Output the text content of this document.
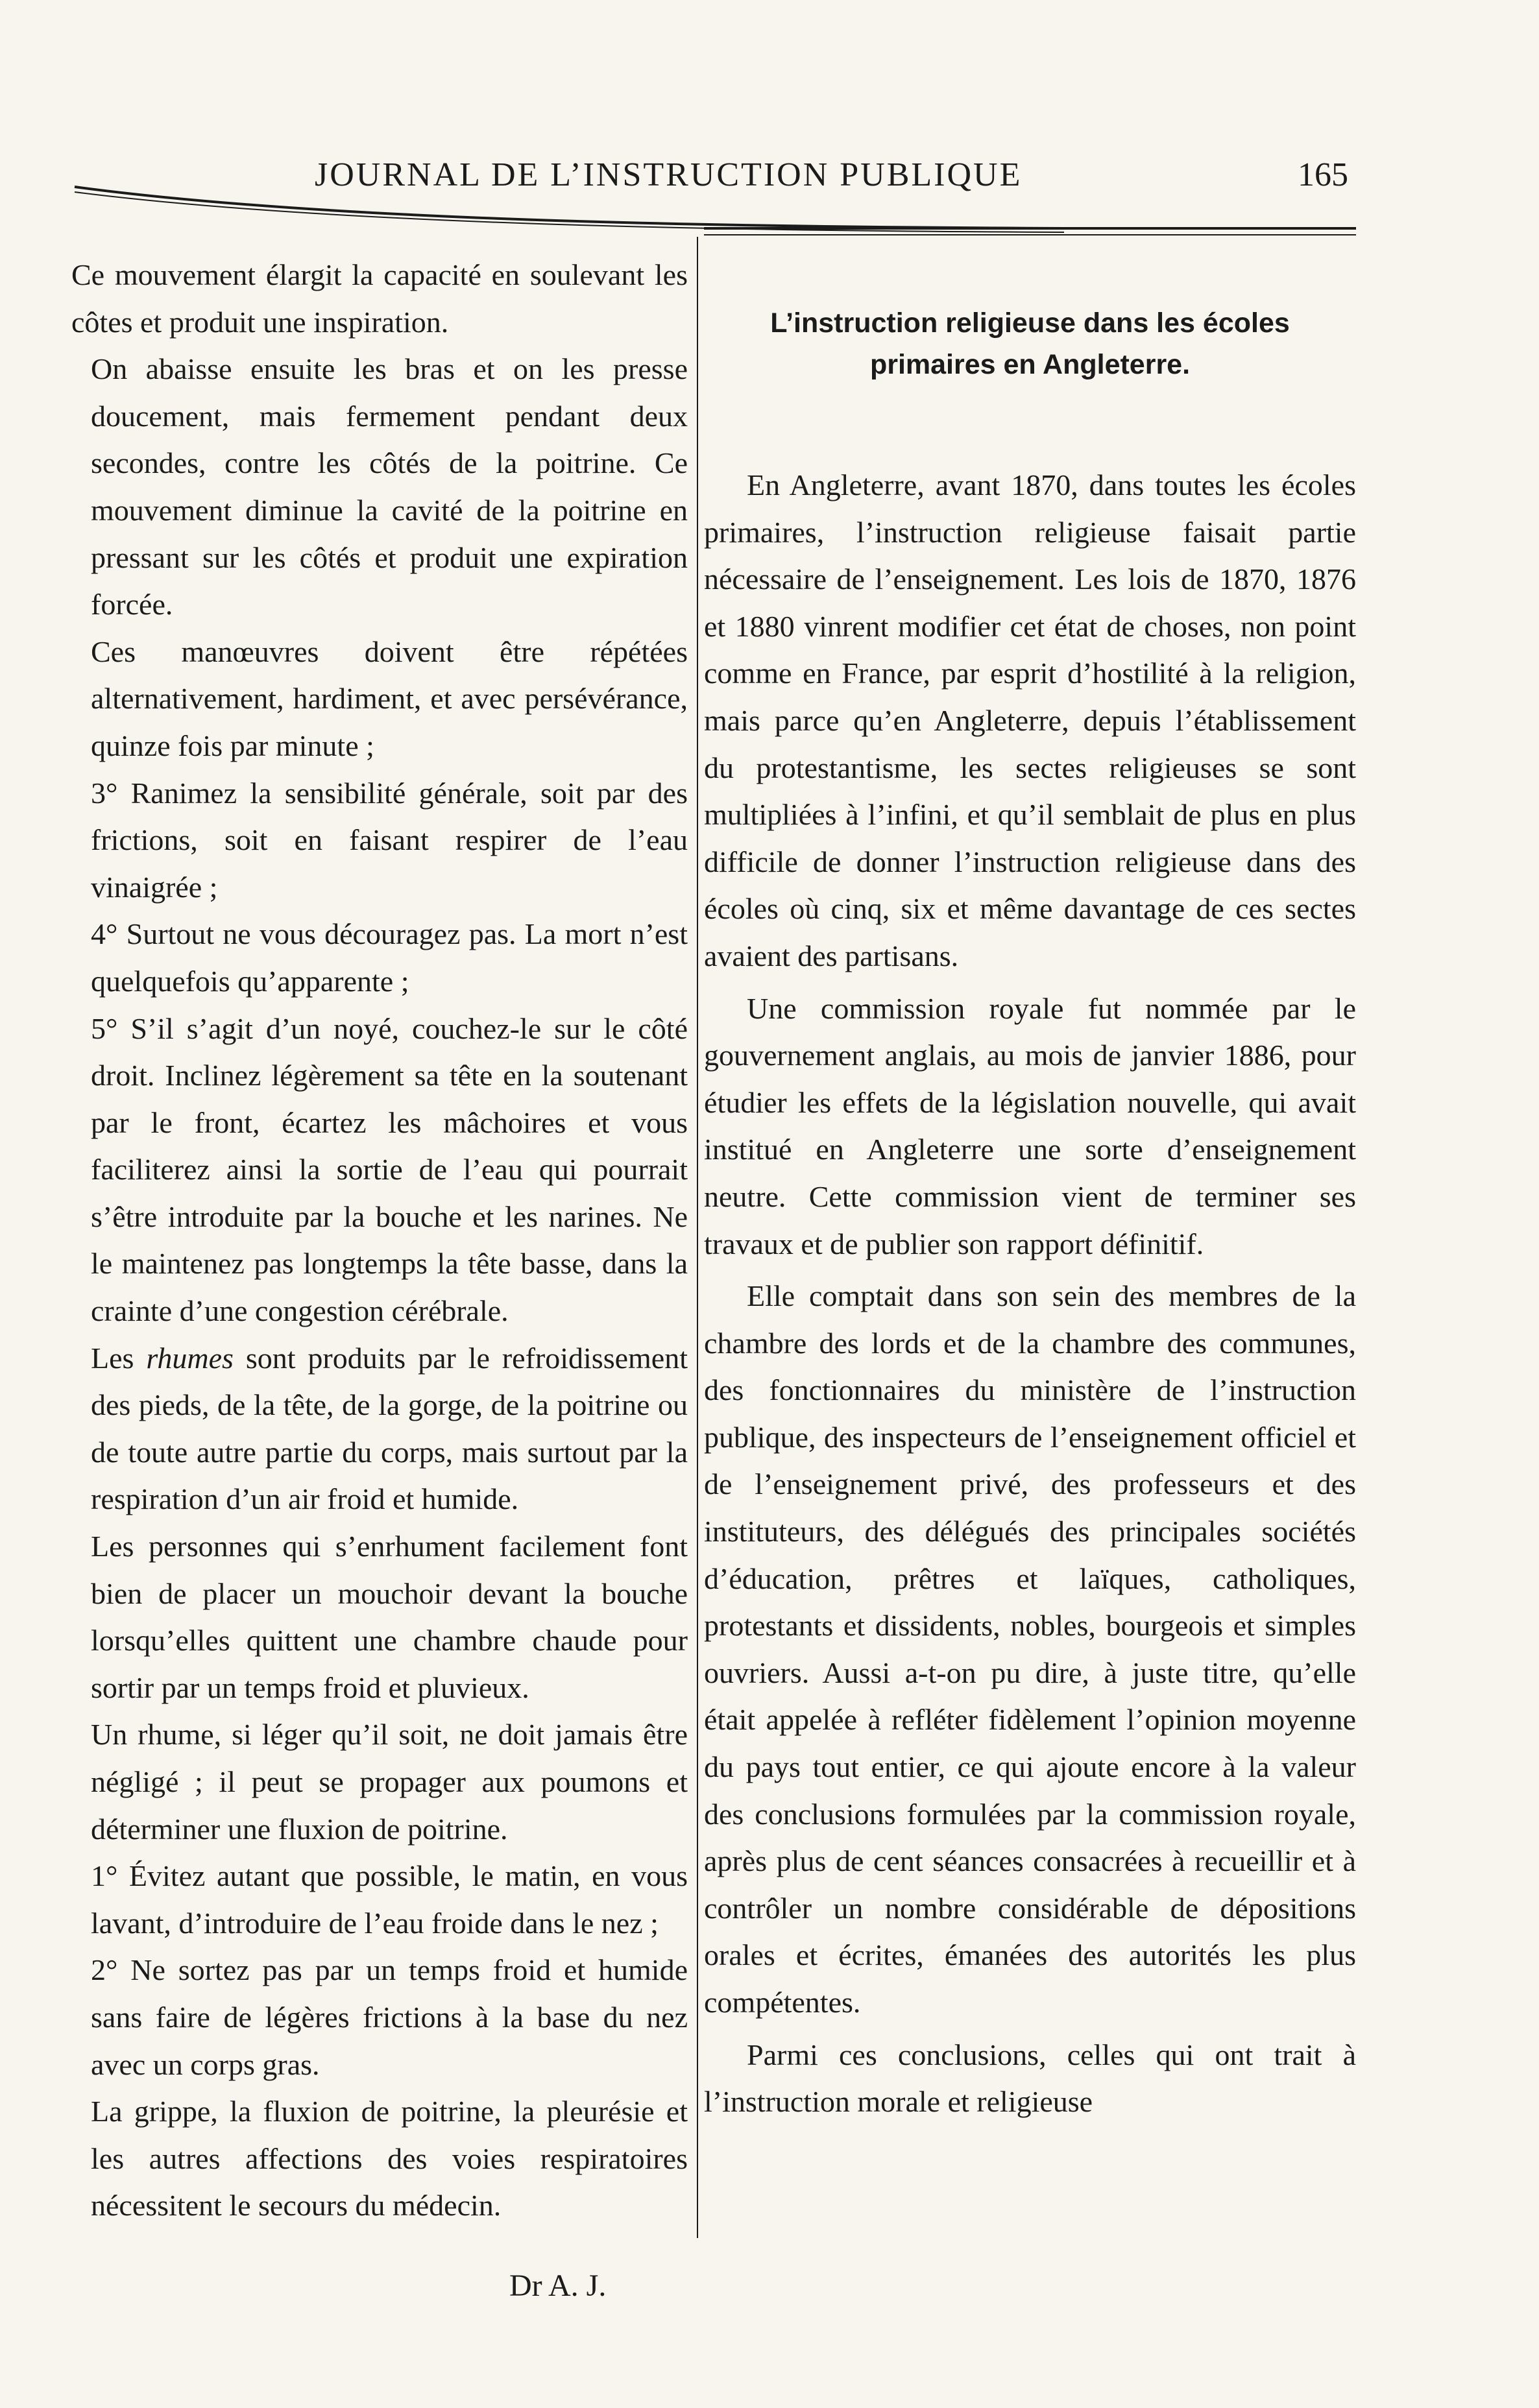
JOURNAL DE L’INSTRUCTION PUBLIQUE	165

Ce mouvement élargit la capacité en soulevant les côtes et produit une inspiration.

On abaisse ensuite les bras et on les presse doucement, mais fermement pendant deux secondes, contre les côtés de la poitrine. Ce mouvement diminue la cavité de la poitrine en pressant sur les côtés et produit une expiration forcée.

Ces manœuvres doivent être répétées alternativement, hardiment, et avec persévérance, quinze fois par minute ;

3° Ranimez la sensibilité générale, soit par des frictions, soit en faisant respirer de l’eau vinaigrée ;

4° Surtout ne vous découragez pas. La mort n’est quelquefois qu’apparente ;

5° S’il s’agit d’un noyé, couchez-le sur le côté droit. Inclinez légèrement sa tête en la soutenant par le front, écartez les mâchoires et vous faciliterez ainsi la sortie de l’eau qui pourrait s’être introduite par la bouche et les narines. Ne le maintenez pas longtemps la tête basse, dans la crainte d’une congestion cérébrale.

Les rhumes sont produits par le refroidissement des pieds, de la tête, de la gorge, de la poitrine ou de toute autre partie du corps, mais surtout par la respiration d’un air froid et humide.

Les personnes qui s’enrhument facilement font bien de placer un mouchoir devant la bouche lorsqu’elles quittent une chambre chaude pour sortir par un temps froid et pluvieux.

Un rhume, si léger qu’il soit, ne doit jamais être négligé ; il peut se propager aux poumons et déterminer une fluxion de poitrine.

1° Évitez autant que possible, le matin, en vous lavant, d’introduire de l’eau froide dans le nez ;

2° Ne sortez pas par un temps froid et humide sans faire de légères frictions à la base du nez avec un corps gras.

La grippe, la fluxion de poitrine, la pleurésie et les autres affections des voies respiratoires nécessitent le secours du médecin.

Dr A. J.
L’instruction religieuse dans les écoles primaires en Angleterre.

En Angleterre, avant 1870, dans toutes les écoles primaires, l’instruction religieuse faisait partie nécessaire de l’enseignement. Les lois de 1870, 1876 et 1880 vinrent modifier cet état de choses, non point comme en France, par esprit d’hostilité à la religion, mais parce qu’en Angleterre, depuis l’établissement du protestantisme, les sectes religieuses se sont multipliées à l’infini, et qu’il semblait de plus en plus difficile de donner l’instruction religieuse dans des écoles où cinq, six et même davantage de ces sectes avaient des partisans.

Une commission royale fut nommée par le gouvernement anglais, au mois de janvier 1886, pour étudier les effets de la législation nouvelle, qui avait institué en Angleterre une sorte d’enseignement neutre. Cette commission vient de terminer ses travaux et de publier son rapport définitif.

Elle comptait dans son sein des membres de la chambre des lords et de la chambre des communes, des fonctionnaires du ministère de l’instruction publique, des inspecteurs de l’enseignement officiel et de l’enseignement privé, des professeurs et des instituteurs, des délégués des principales sociétés d’éducation, prêtres et laïques, catholiques, protestants et dissidents, nobles, bourgeois et simples ouvriers. Aussi a-t-on pu dire, à juste titre, qu’elle était appelée à refléter fidèlement l’opinion moyenne du pays tout entier, ce qui ajoute encore à la valeur des conclusions formulées par la commission royale, après plus de cent séances consacrées à recueillir et à contrôler un nombre considérable de dépositions orales et écrites, émanées des autorités les plus compétentes.

Parmi ces conclusions, celles qui ont trait à l’instruction morale et religieuse
